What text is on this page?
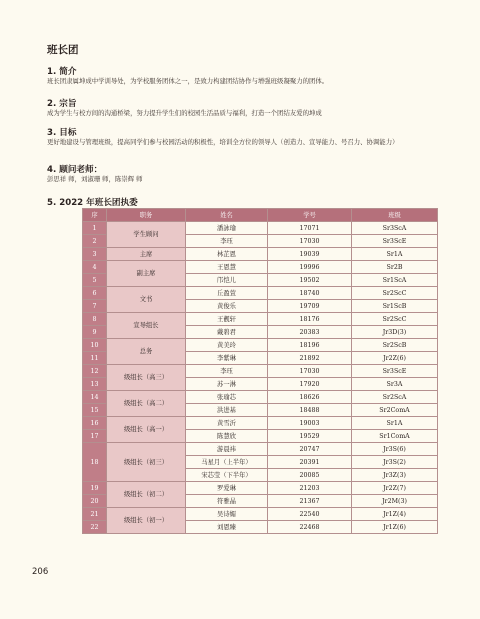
班长团
1. 简介

班长团隶属坤成中学训导处，为学校服务团体之一，是致力构建团结协作与增强班级凝聚力的团体。

2. 宗旨

成为学生与校方间的沟通桥梁，努力提升学生们的校园生活品质与福利，打造一个团结友爱的坤成

3. 目标

更好地建设与管理班级，提高同学们参与校园活动的积极性，培训全方位的领导人（创造力、宣导能力、号召力、协调能力）

4. 顾问老师：

彭思祥 师，刘淑珊 师，陈崇辉 师

5. 2022 年班长团执委
序	职务	姓名	学号	班级
1	学生顾问	潘詠瑜	17071	Sr3ScA
2		李珏	17030	Sr3ScE
3	主席	林芷恩	19039	Sr1A
4	副主席	王恩慧	19996	Sr2B
5		邝恺儿	19502	Sr1ScA
6	文书	丘盈萱	18740	Sr2ScC
7		黄俊乐	19709	Sr1ScB
8	宣导组长	王靓轩	18176	Sr2ScC
9		戴碧君	20383	Jr3D(3)
10	总务	黄美玲	18196	Sr2ScB
11		李紫琳	21892	Jr2Z(6)
12	级组长（高三）	李珏	17030	Sr3ScE
13		苏一淋	17920	Sr3A
14	级组长（高二）	张瑜芯	18626	Sr2ScA
15		洪进基	18488	Sr2ComA
16	级组长（高一）	黄雪沂	19003	Sr1A
17		陈慧欣	19529	Sr1ComA
18	级组长（初三）	游晨祎	20747	Jr3S(6)
		马星月（上半年）	20391	Jr3S(2)
		宋芯莹（下半年）	20085	Jr3Z(3)
19	级组长（初二）	罗爱琳	21203	Jr2Z(7)
20		符雅晶	21367	Jr2M(3)
21	级组长（初一）	吴诗媚	22540	Jr1Z(4)
22		刘恩臻	22468	Jr1Z(6)
206
